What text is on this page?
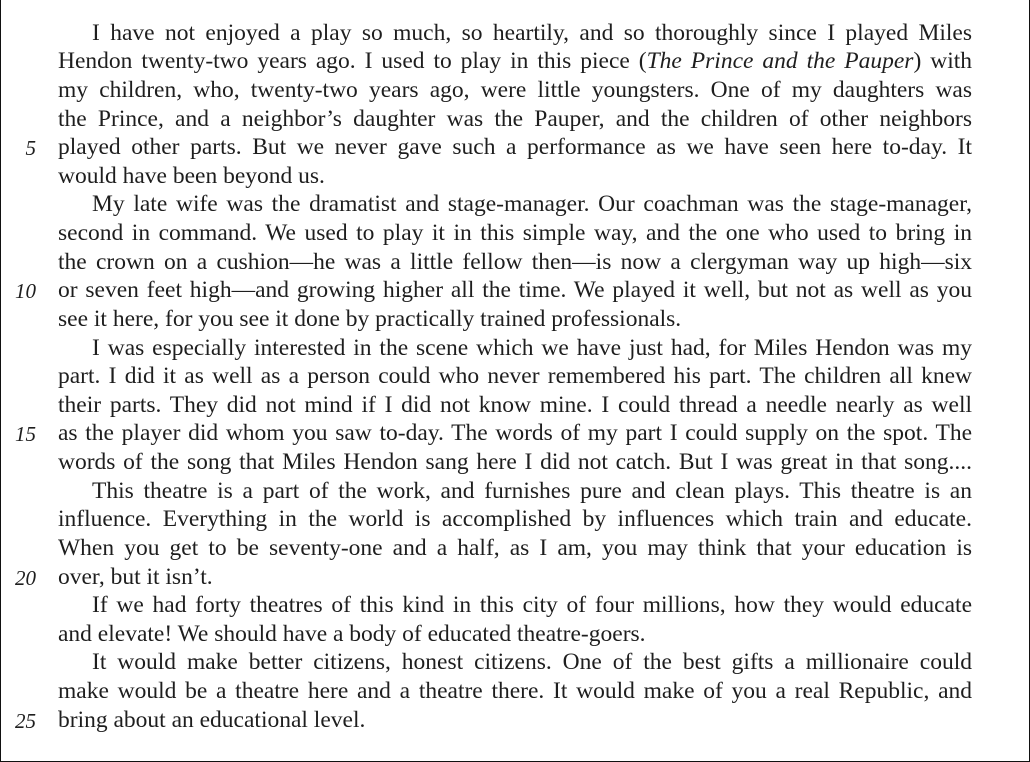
I have not enjoyed a play so much, so heartily, and so thoroughly since I played Miles
Hendon twenty-two years ago. I used to play in this piece (The Prince and the Pauper) with
my children, who, twenty-two years ago, were little youngsters. One of my daughters was
the Prince, and a neighbor’s daughter was the Pauper, and the children of other neighbors
5 played other parts. But we never gave such a performance as we have seen here to-day. It
would have been beyond us.
My late wife was the dramatist and stage-manager. Our coachman was the stage-manager,
second in command. We used to play it in this simple way, and the one who used to bring in
the crown on a cushion—he was a little fellow then—is now a clergyman way up high—six
10 or seven feet high—and growing higher all the time. We played it well, but not as well as you
see it here, for you see it done by practically trained professionals.
I was especially interested in the scene which we have just had, for Miles Hendon was my
part. I did it as well as a person could who never remembered his part. The children all knew
their parts. They did not mind if I did not know mine. I could thread a needle nearly as well
15 as the player did whom you saw to-day. The words of my part I could supply on the spot. The
words of the song that Miles Hendon sang here I did not catch. But I was great in that song....
This theatre is a part of the work, and furnishes pure and clean plays. This theatre is an
influence. Everything in the world is accomplished by influences which train and educate.
When you get to be seventy-one and a half, as I am, you may think that your education is
20 over, but it isn’t.
If we had forty theatres of this kind in this city of four millions, how they would educate
and elevate! We should have a body of educated theatre-goers.
It would make better citizens, honest citizens. One of the best gifts a millionaire could
make would be a theatre here and a theatre there. It would make of you a real Republic, and
25 bring about an educational level.
